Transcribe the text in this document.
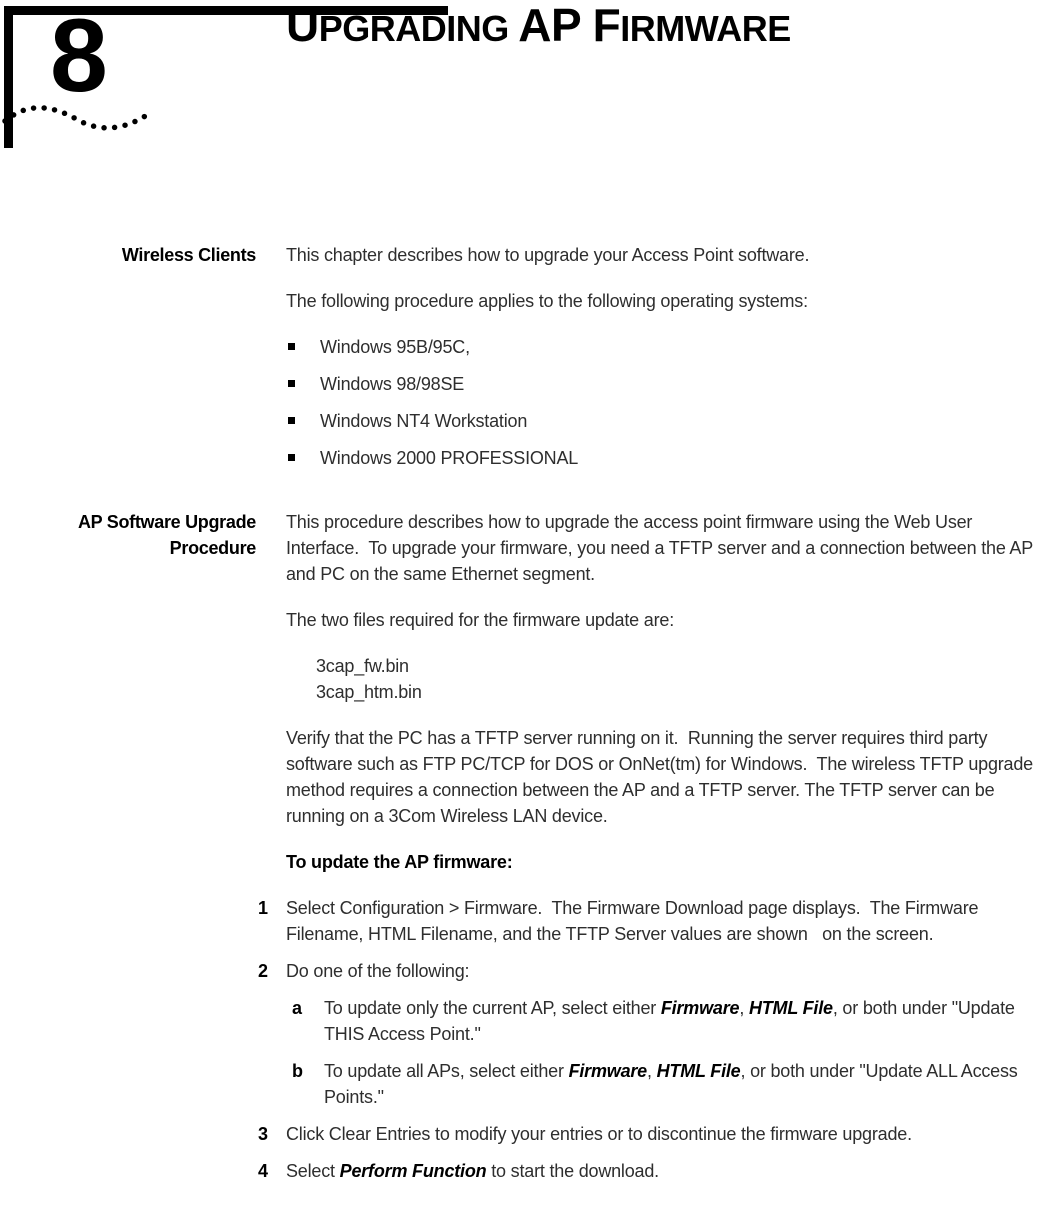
8	UPGRADING AP FIRMWARE
Wireless Clients This chapter describes how to upgrade your Access Point software.

The following procedure applies to the following operating systems:

Windows 95B/95C,
Windows 98/98SE
Windows NT4 Workstation
Windows 2000 PROFESSIONAL
AP Software Upgrade
Procedure

This procedure describes how to upgrade the access point firmware using the Web User Interface.  To upgrade your firmware, you need a TFTP server and a connection between the AP and PC on the same Ethernet segment.

The two files required for the firmware update are:

3cap_fw.bin
3cap_htm.bin

Verify that the PC has a TFTP server running on it.  Running the server requires third party software such as FTP PC/TCP for DOS or OnNet(tm) for Windows.  The wireless TFTP upgrade method requires a connection between the AP and a TFTP server. The TFTP server can be running on a 3Com Wireless LAN device.

To update the AP firmware:

1	Select Configuration > Firmware.  The Firmware Download page displays.  The Firmware Filename, HTML Filename, and the TFTP Server values are shown   on the screen.
2	Do one of the following:
a	To update only the current AP, select either Firmware, HTML File, or both under "Update THIS Access Point."
b	To update all APs, select either Firmware, HTML File, or both under "Update ALL Access Points."
3	Click Clear Entries to modify your entries or to discontinue the firmware upgrade.
4	Select Perform Function to start the download.
